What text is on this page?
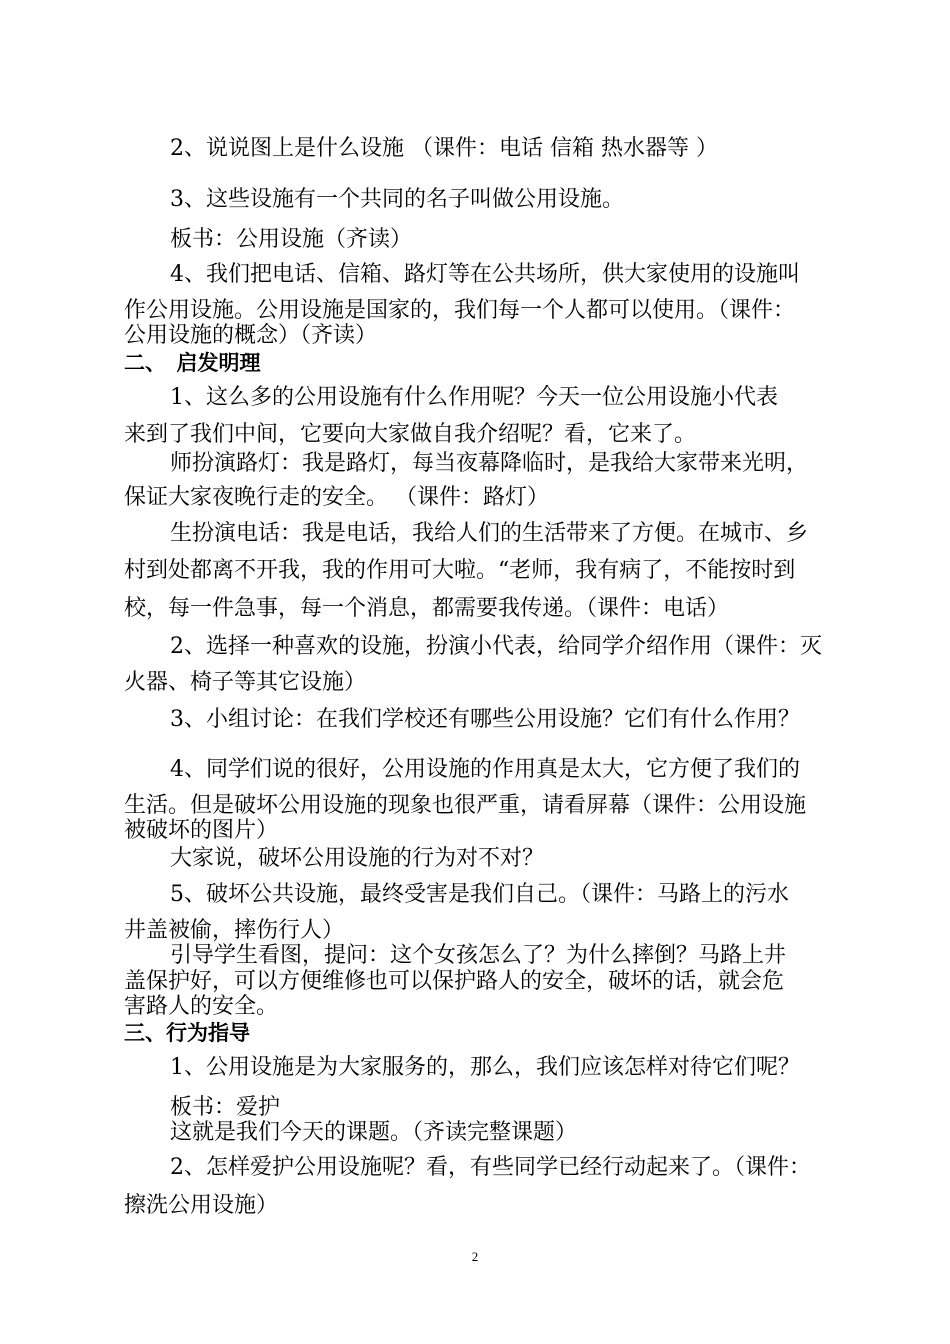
2、说说图上是什么设施 （课件：电话 信箱 热水器等 ）
3、这些设施有一个共同的名子叫做公用设施。
板书：公用设施（齐读）
4、我们把电话、信箱、路灯等在公共场所，供大家使用的设施叫
作公用设施。公用设施是国家的，我们每一个人都可以使用。（课件：
公用设施的概念）（齐读）
二、　启发明理
1、这么多的公用设施有什么作用呢？今天一位公用设施小代表
来到了我们中间，它要向大家做自我介绍呢？看，它来了。
师扮演路灯：我是路灯，每当夜幕降临时，是我给大家带来光明，
保证大家夜晚行走的安全。 （课件：路灯）
生扮演电话：我是电话，我给人们的生活带来了方便。在城市、乡
村到处都离不开我，我的作用可大啦。“老师，我有病了，不能按时到
校，每一件急事，每一个消息，都需要我传递。（课件：电话）
2、选择一种喜欢的设施，扮演小代表，给同学介绍作用（课件：灭
火器、椅子等其它设施）
3、小组讨论：在我们学校还有哪些公用设施？它们有什么作用？
4、同学们说的很好，公用设施的作用真是太大，它方便了我们的
生活。但是破坏公用设施的现象也很严重，请看屏幕（课件：公用设施
被破坏的图片）
大家说，破坏公用设施的行为对不对？
5、破坏公共设施，最终受害是我们自己。（课件：马路上的污水
井盖被偷，摔伤行人）
引导学生看图，提问：这个女孩怎么了？为什么摔倒？马路上井
盖保护好，可以方便维修也可以保护路人的安全，破坏的话，就会危
害路人的安全。
三、行为指导
1、公用设施是为大家服务的，那么，我们应该怎样对待它们呢？
板书：爱护
这就是我们今天的课题。（齐读完整课题）
2、怎样爱护公用设施呢？看，有些同学已经行动起来了。（课件：
擦洗公用设施）
2
